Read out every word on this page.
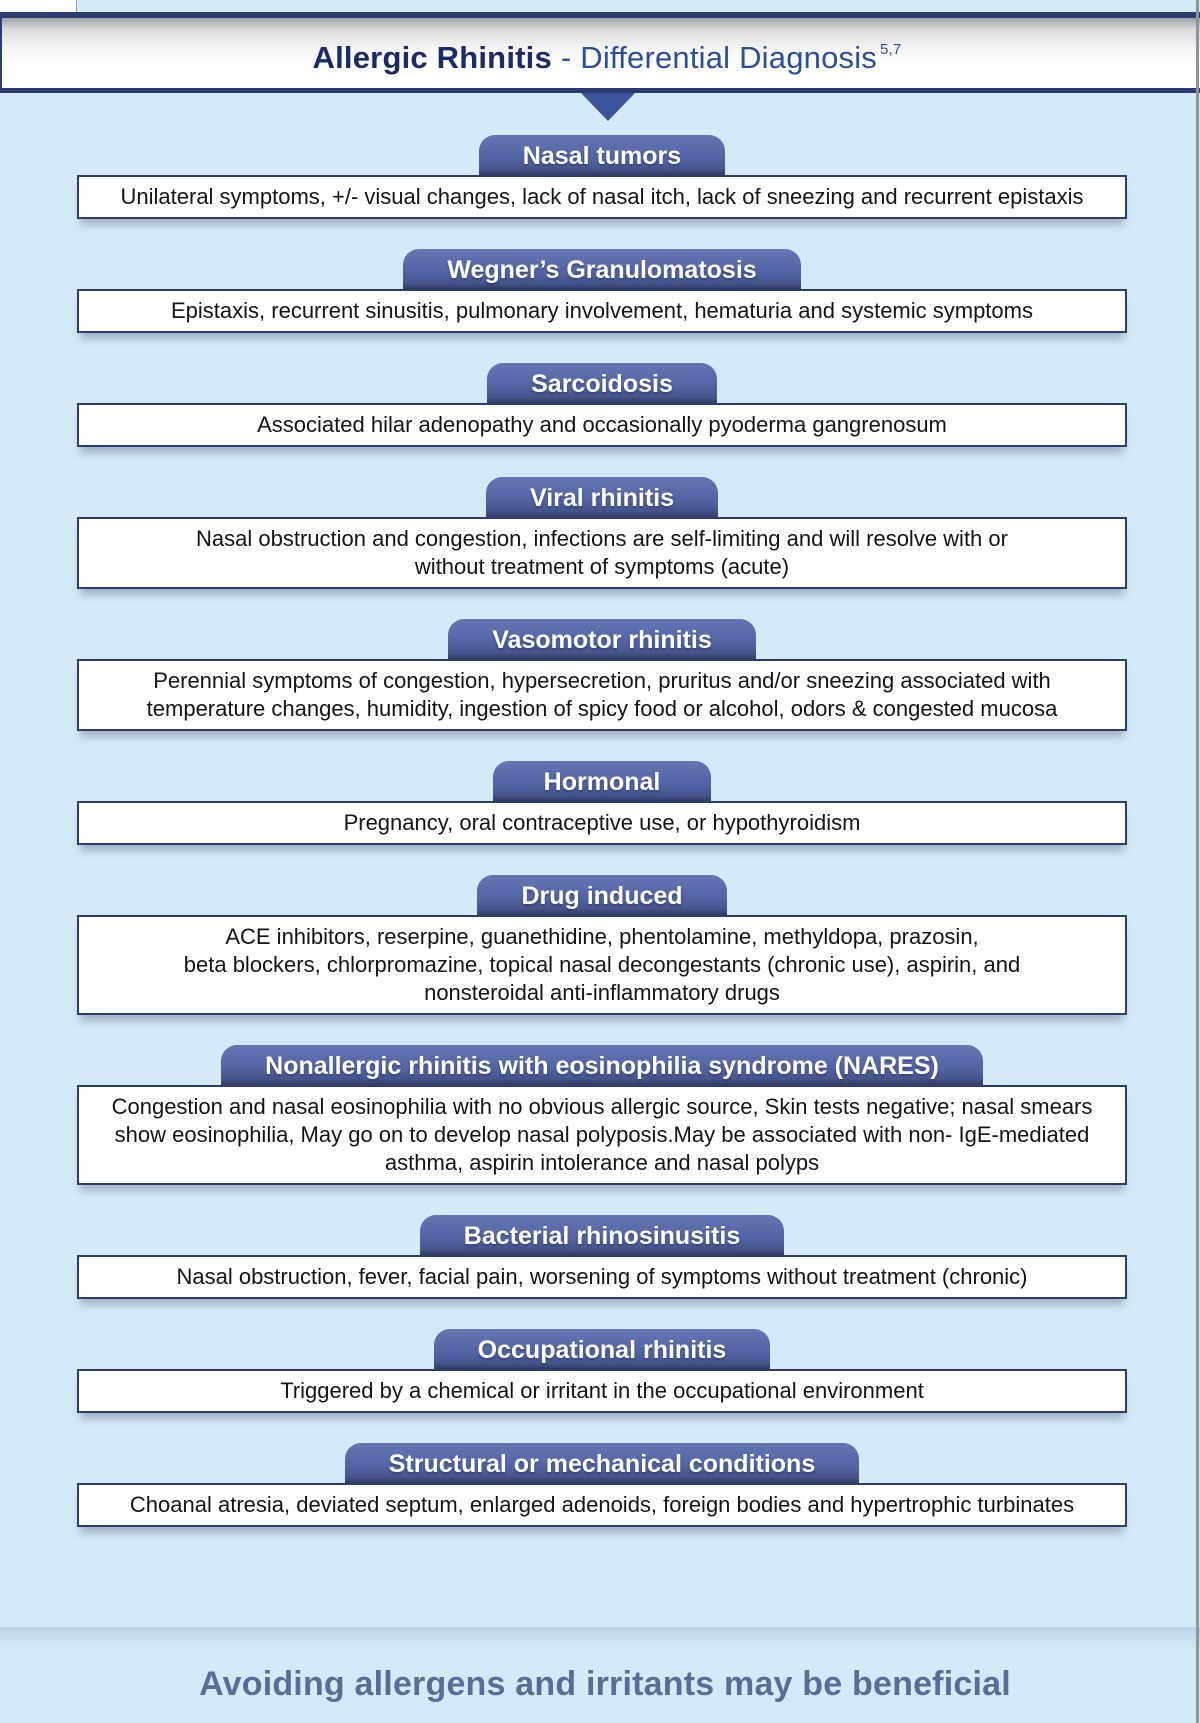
Allergic Rhinitis - Differential Diagnosis $^{5,7}$
Nasal tumors

Unilateral symptoms, +/- visual changes, lack of nasal itch, lack of sneezing and recurrent epistaxis

Wegner’s Granulomatosis

Epistaxis, recurrent sinusitis, pulmonary involvement, hematuria and systemic symptoms

Sarcoidosis

Associated hilar adenopathy and occasionally pyoderma gangrenosum

Viral rhinitis

Nasal obstruction and congestion, infections are self-limiting and will resolve with or
without treatment of symptoms (acute)

Vasomotor rhinitis

Perennial symptoms of congestion, hypersecretion, pruritus and/or sneezing associated with
temperature changes, humidity, ingestion of spicy food or alcohol, odors & congested mucosa

Hormonal

Pregnancy, oral contraceptive use, or hypothyroidism

Drug induced

ACE inhibitors, reserpine, guanethidine, phentolamine, methyldopa, prazosin,
beta blockers, chlorpromazine, topical nasal decongestants (chronic use), aspirin, and
nonsteroidal anti-inflammatory drugs

Nonallergic rhinitis with eosinophilia syndrome (NARES)

Congestion and nasal eosinophilia with no obvious allergic source, Skin tests negative; nasal smears
show eosinophilia, May go on to develop nasal polyposis.May be associated with non- IgE-mediated
asthma, aspirin intolerance and nasal polyps

Bacterial rhinosinusitis

Nasal obstruction, fever, facial pain, worsening of symptoms without treatment (chronic)

Occupational rhinitis

Triggered by a chemical or irritant in the occupational environment

Structural or mechanical conditions

Choanal atresia, deviated septum, enlarged adenoids, foreign bodies and hypertrophic turbinates

Avoiding allergens and irritants may be beneficial
